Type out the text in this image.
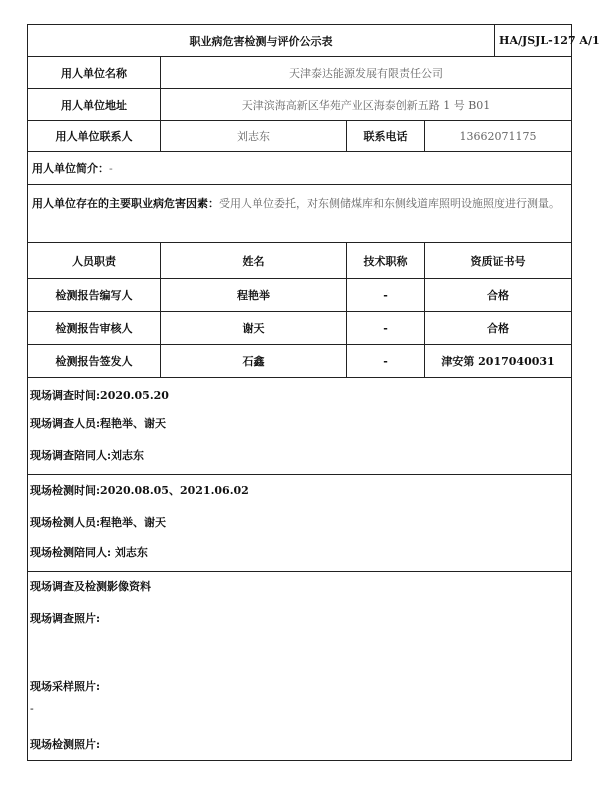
职业病危害检测与评价公示表				HA/JSJL-127 A/1
用人单位名称	天津泰达能源发展有限责任公司			
用人单位地址	天津滨海高新区华苑产业区海泰创新五路 1 号 B01			
用人单位联系人	刘志东	联系电话	13662071175	
用人单位简介：-				
用人单位存在的主要职业病危害因素：受用人单位委托，对东侧储煤库和东侧线道库照明设施照度进行测量。				
人员职责	姓名	技术职称	资质证书号	
检测报告编写人	程艳举	-	合格	
检测报告审核人	谢天	-	合格	
检测报告签发人	石鑫	-	津安第 2017040031	

现场调查时间:2020.05.20
现场调查人员:程艳举、谢天
现场调查陪同人:刘志东				

现场检测时间:2020.08.05、2021.06.02
现场检测人员:程艳举、谢天
现场检测陪同人: 刘志东				

现场调查及检测影像资料
现场调查照片:
现场采样照片:
-
现场检测照片:				
